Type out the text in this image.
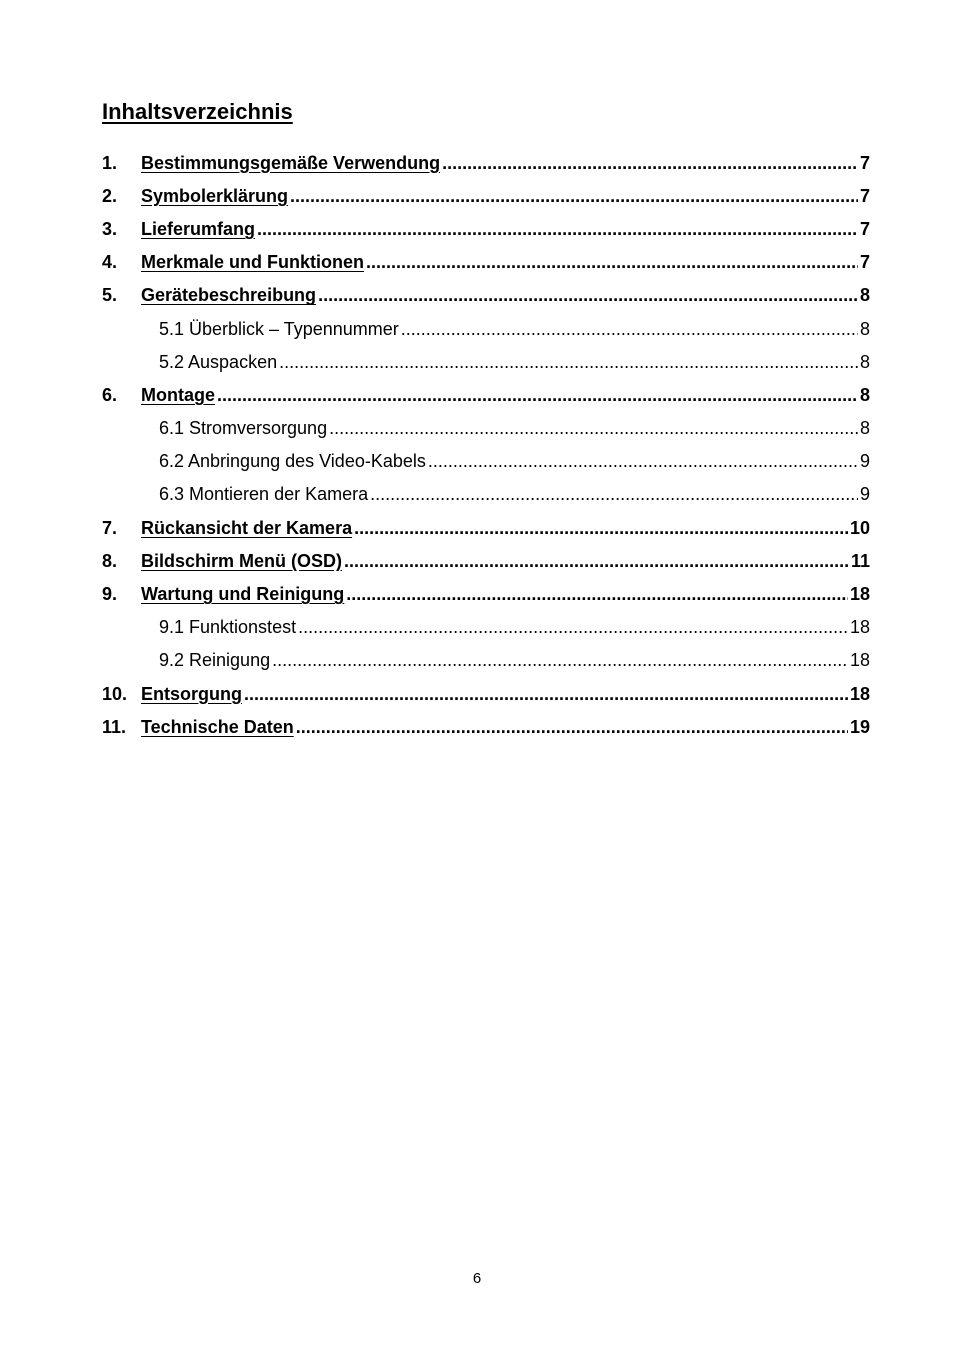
Inhaltsverzeichnis
1.	Bestimmungsgemäße Verwendung .....	7
2.	Symbolerklärung .....	7
3.	Lieferumfang .....	7
4.	Merkmale und Funktionen .....	7
5.	Gerätebeschreibung .....	8
5.1 Überblick – Typennummer .....	8
5.2 Auspacken .....	8
6.	Montage .....	8
6.1 Stromversorgung .....	8
6.2 Anbringung des Video-Kabels .....	9
6.3 Montieren der Kamera .....	9
7.	Rückansicht der Kamera .....	10
8.	Bildschirm Menü (OSD) .....	11
9.	Wartung und Reinigung .....	18
9.1 Funktionstest .....	18
9.2 Reinigung .....	18
10. Entsorgung .....	18
11. Technische Daten .....	19
6
